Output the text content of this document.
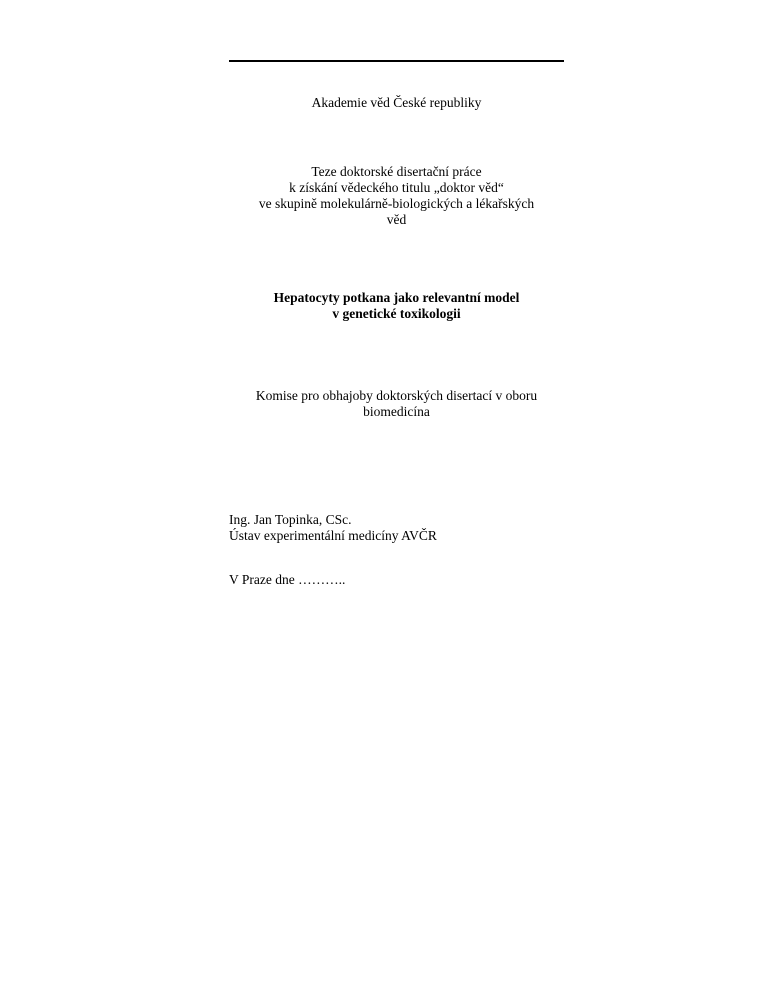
Akademie věd České republiky
Teze doktorské disertační práce
k získání vědeckého titulu „doktor věd“
ve skupině molekulárně-biologických a lékařských
věd
Hepatocyty potkana jako relevantní model
v genetické toxikologii
Komise pro obhajoby doktorských disertací v oboru
biomedicína
Ing. Jan Topinka, CSc.
Ústav experimentální medicíny AVČR
V Praze dne ………..
